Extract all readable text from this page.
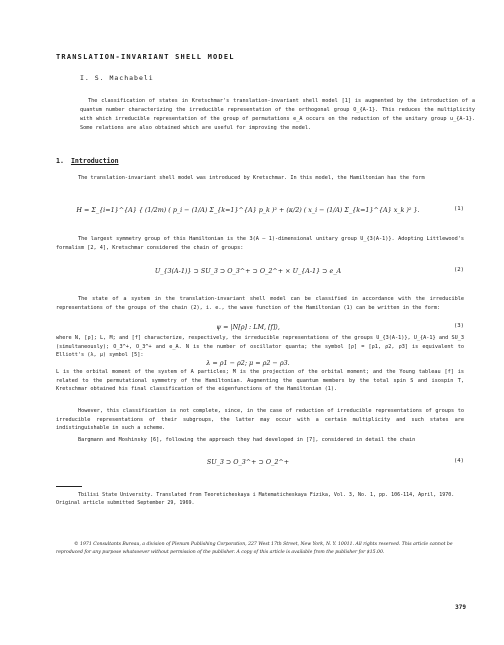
TRANSLATION-INVARIANT SHELL MODEL
I. S. Machabeli
The classification of states in Kretschmar's translation-invariant shell model [1] is augmented by the introduction of a quantum number characterizing the irreducible representation of the orthogonal group O_{A-1}. This reduces the multiplicity with which irreducible representation of the group of permutations e_A occurs on the reduction of the unitary group u_{A-1}. Some relations are also obtained which are useful for improving the model.
1. Introduction
The translation-invariant shell model was introduced by Kretschmar. In this model, the Hamiltonian has the form
H = Σ_{i=1}^{A} { (1/2m) ( p_i − (1/A) Σ_{k=1}^{A} p_k )² + (κ/2) ( x_i − (1/A) Σ_{k=1}^{A} x_k )² }.	(1)
The largest symmetry group of this Hamiltonian is the 3(A – 1)-dimensional unitary group U_{3(A-1)}. Adopting Littlewood's formalism [2, 4], Kretschmar considered the chain of groups:
U_{3(A-1)} ⊃ SU_3 ⊃ O_3^+ ⊃ O_2^+ × U_{A-1} ⊃ e_A	(2)
The state of a system in the translation-invariant shell model can be classified in accordance with the irreducible representations of the groups of the chain (2), i. e., the wave function of the Hamiltonian (1) can be written in the form:
ψ = |N[ρ] : LM, [f]⟩,	(3)
where N, [ρ]; L, M; and [f] characterize, respectively, the irreducible representations of the groups U_{3(A-1)}, U_{A-1} and SU_3 (simultaneously); O_3^+, O_3^+ and e_A. N is the number of oscillator quanta; the symbol [ρ] = [ρ1, ρ2, ρ3] is equivalent to Elliott's (λ, μ) symbol [5]:
λ = ρ1 − ρ2; μ = ρ2 − ρ3.
L is the orbital moment of the system of A particles; M is the projection of the orbital moment; and the Young tableau [f] is related to the permutational symmetry of the Hamiltonian. Augmenting the quantum members by the total spin S and isospin T, Kretschmar obtained his final classification of the eigenfunctions of the Hamiltonian (1).
However, this classification is not complete, since, in the case of reduction of irreducible representations of groups to irreducible representations of their subgroups, the latter may occur with a certain multiplicity and such states are indistinguishable in such a scheme.
Bargmann and Moshinsky [6], following the approach they had developed in [7], considered in detail the chain
SU_3 ⊃ O_3^+ ⊃ O_2^+	(4)
Tbilisi State University. Translated from Teoreticheskaya i Matematicheskaya Fizika, Vol. 3, No. 1, pp. 106-114, April, 1970. Original article submitted September 29, 1969.
© 1971 Consultants Bureau, a division of Plenum Publishing Corporation, 227 West 17th Street, New York, N. Y. 10011. All rights reserved. This article cannot be reproduced for any purpose whatsoever without permission of the publisher. A copy of this article is available from the publisher for $15.00.
379
